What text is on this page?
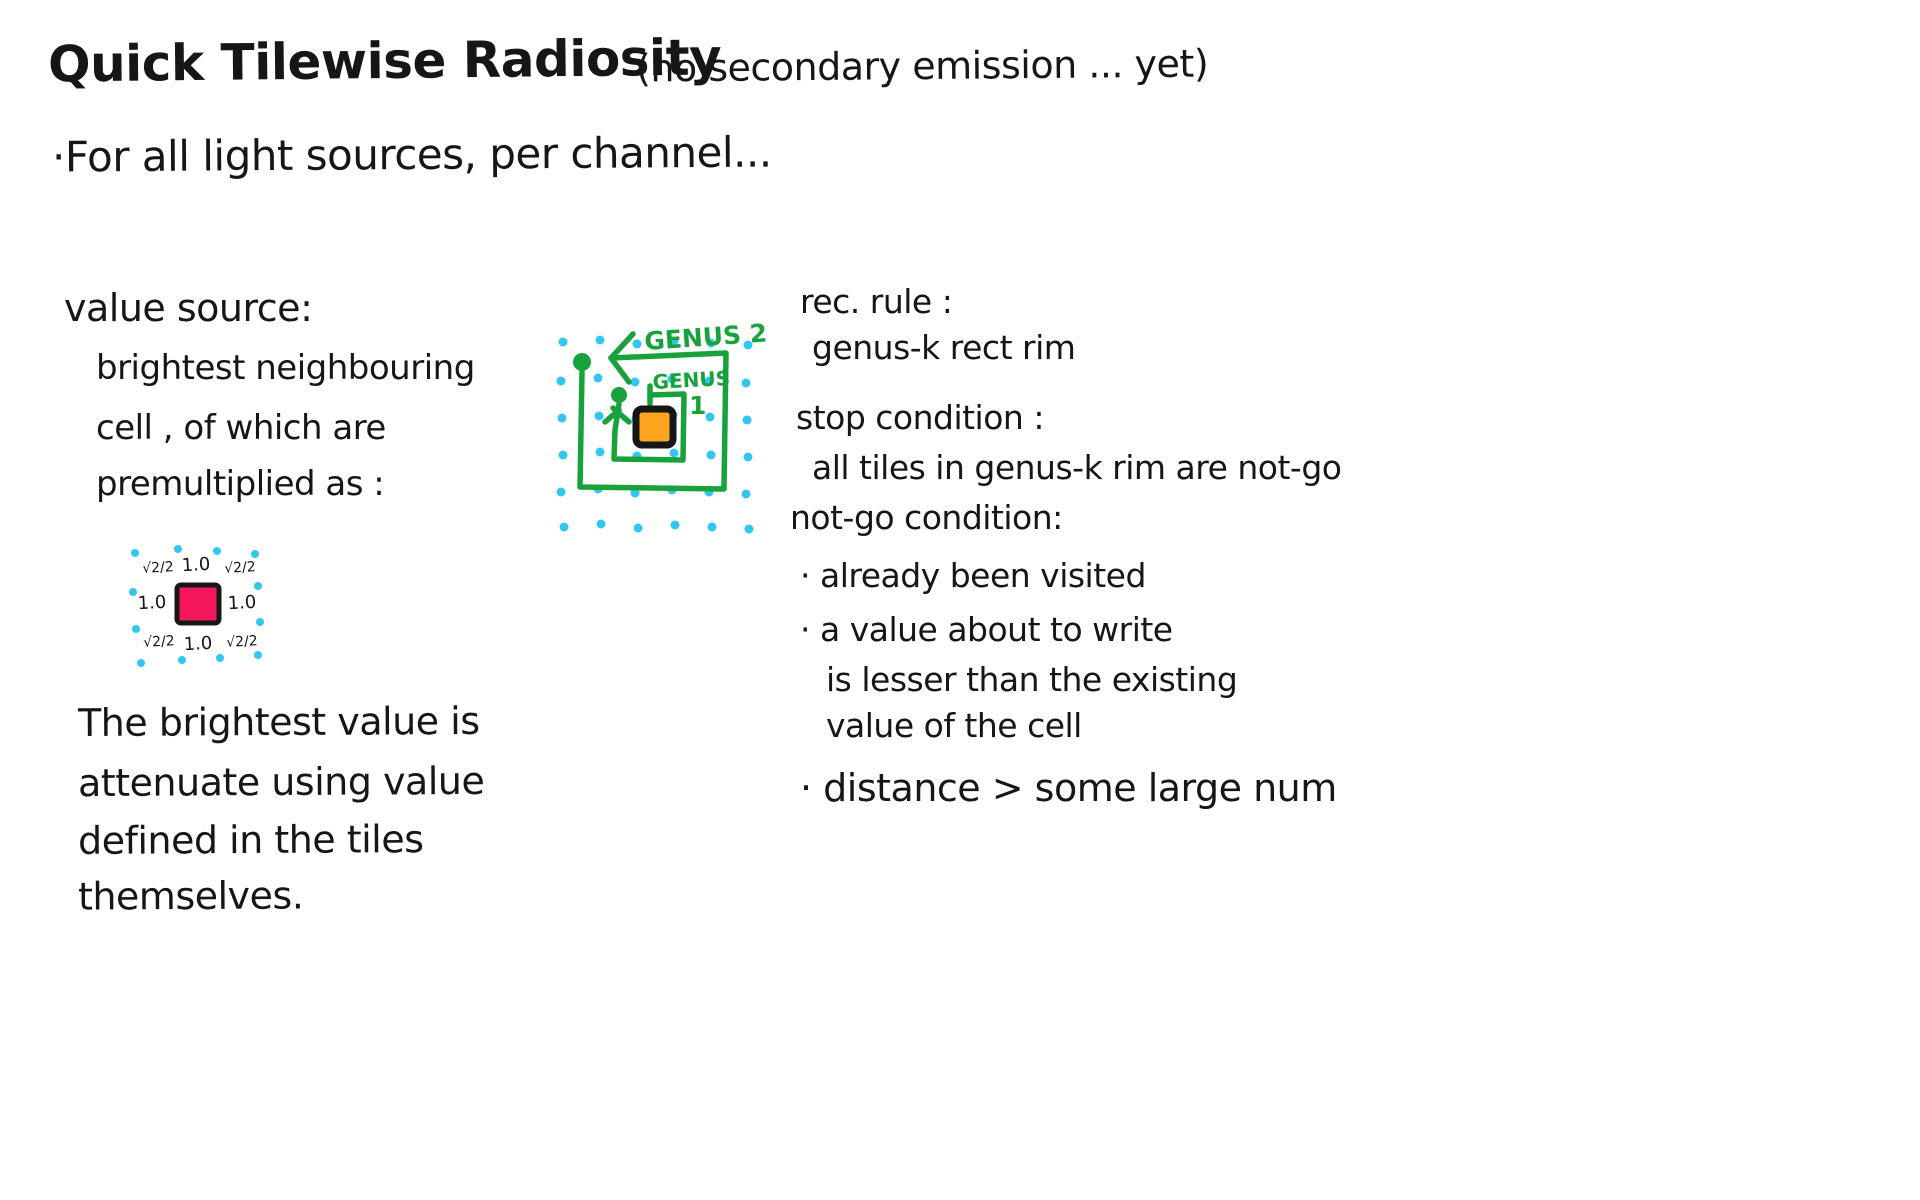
Quick Tilewise Radiosity
(no secondary emission ... yet)
·For all light sources, per channel...
value source:
brightest neighbouring
cell , of which are
premultiplied as :
√2/2 1.0 √2/2
1.0	1.0
√2/2 1.0 √2/2
The brightest value is
attenuate using value
defined in the tiles
themselves.
GENUS 2
GENUS
1
rec. rule :
genus-k rect rim
stop condition :
all tiles in genus-k rim are not-go
not-go condition:
· already been visited
· a value about to write
is lesser than the existing
value of the cell
· distance > some large num
